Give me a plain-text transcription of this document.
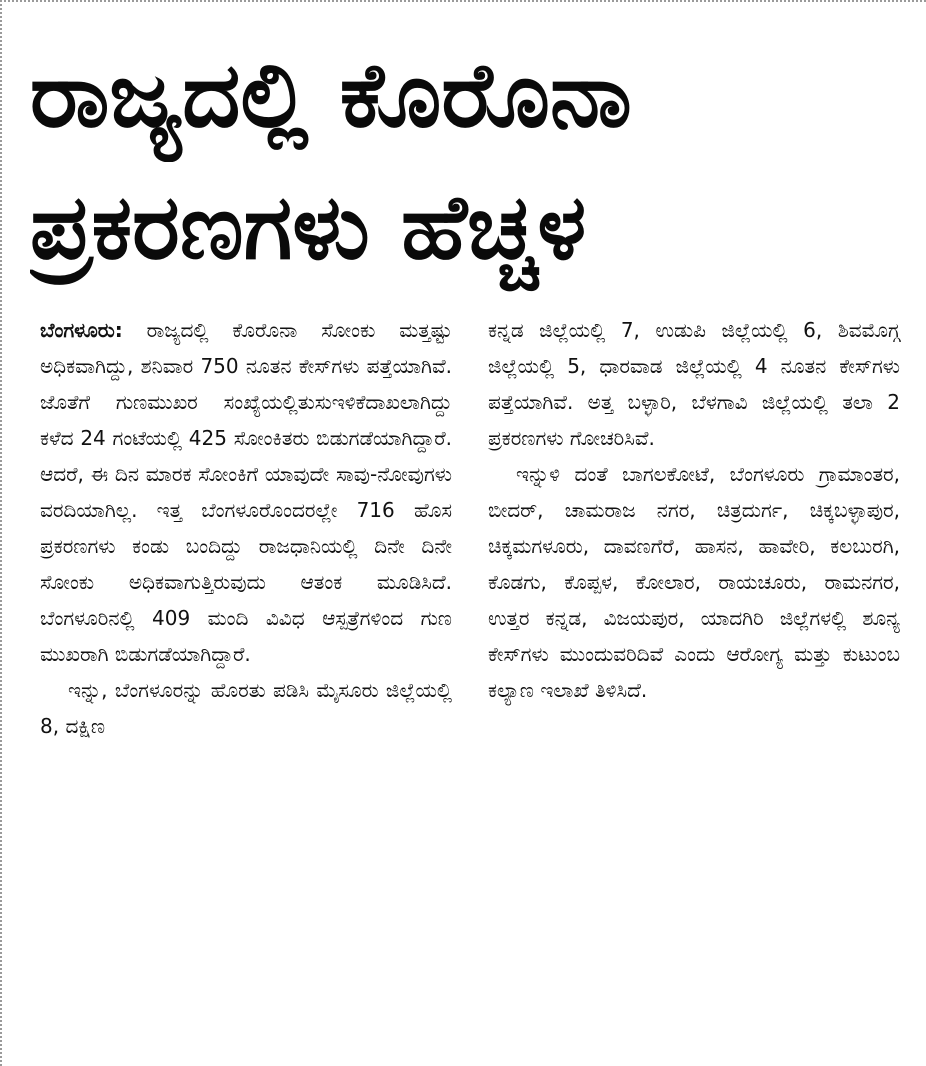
ರಾಜ್ಯದಲ್ಲಿ ಕೊರೊನಾ
ಪ್ರಕರಣಗಳು ಹೆಚ್ಚಳ

ಬೆಂಗಳೂರು: ರಾಜ್ಯದಲ್ಲಿ ಕೊರೊನಾ ಸೋಂಕು ಮತ್ತಷ್ಟು ಅಧಿಕವಾಗಿದ್ದು, ಶನಿವಾರ 750 ನೂತನ ಕೇಸ್‌ಗಳು ಪತ್ತೆಯಾಗಿವೆ. ಜೊತೆಗೆ ಗುಣಮುಖರ ಸಂಖ್ಯೆಯಲ್ಲಿತುಸುಇಳಿಕೆದಾಖಲಾಗಿದ್ದು ಕಳೆದ 24 ಗಂಟೆಯಲ್ಲಿ 425 ಸೋಂಕಿತರು ಬಿಡುಗಡೆಯಾಗಿದ್ದಾರೆ. ಆದರೆ, ಈ ದಿನ ಮಾರಕ ಸೋಂಕಿಗೆ ಯಾವುದೇ ಸಾವು-ನೋವುಗಳು ವರದಿಯಾಗಿಲ್ಲ. ಇತ್ತ ಬೆಂಗಳೂರೊಂದರಲ್ಲೇ 716 ಹೊಸ ಪ್ರಕರಣಗಳು ಕಂಡು ಬಂದಿದ್ದು ರಾಜಧಾನಿಯಲ್ಲಿ ದಿನೇ ದಿನೇ ಸೋಂಕು ಅಧಿಕವಾಗುತ್ತಿರುವುದು ಆತಂಕ ಮೂಡಿಸಿದೆ. ಬೆಂಗಳೂರಿನಲ್ಲಿ 409 ಮಂದಿ ವಿವಿಧ ಆಸ್ಪತ್ರೆಗಳಿಂದ ಗುಣ ಮುಖರಾಗಿ ಬಿಡುಗಡೆಯಾಗಿದ್ದಾರೆ.

ಇನ್ನು, ಬೆಂಗಳೂರನ್ನು ಹೊರತು ಪಡಿಸಿ ಮೈಸೂರು ಜಿಲ್ಲೆಯಲ್ಲಿ 8, ದಕ್ಷಿಣ

ಕನ್ನಡ ಜಿಲ್ಲೆಯಲ್ಲಿ 7, ಉಡುಪಿ ಜಿಲ್ಲೆಯಲ್ಲಿ 6, ಶಿವಮೊಗ್ಗ ಜಿಲ್ಲೆಯಲ್ಲಿ 5, ಧಾರವಾಡ ಜಿಲ್ಲೆಯಲ್ಲಿ 4 ನೂತನ ಕೇಸ್‌ಗಳು ಪತ್ತೆಯಾಗಿವೆ. ಅತ್ತ ಬಳ್ಳಾರಿ, ಬೆಳಗಾವಿ ಜಿಲ್ಲೆಯಲ್ಲಿ ತಲಾ 2 ಪ್ರಕರಣಗಳು ಗೋಚರಿಸಿವೆ.

ಇನ್ನುಳಿ ದಂತೆ ಬಾಗಲಕೋಟೆ, ಬೆಂಗಳೂರು ಗ್ರಾಮಾಂತರ, ಬೀದರ್, ಚಾಮರಾಜ ನಗರ, ಚಿತ್ರದುರ್ಗ, ಚಿಕ್ಕಬಳ್ಳಾಪುರ, ಚಿಕ್ಕಮಗಳೂರು, ದಾವಣಗೆರೆ, ಹಾಸನ, ಹಾವೇರಿ, ಕಲಬುರಗಿ, ಕೊಡಗು, ಕೊಪ್ಪಳ, ಕೋಲಾರ, ರಾಯಚೂರು, ರಾಮನಗರ, ಉತ್ತರ ಕನ್ನಡ, ವಿಜಯಪುರ, ಯಾದಗಿರಿ ಜಿಲ್ಲೆಗಳಲ್ಲಿ ಶೂನ್ಯ ಕೇಸ್‌ಗಳು ಮುಂದುವರಿದಿವೆ ಎಂದು ಆರೋಗ್ಯ ಮತ್ತು ಕುಟುಂಬ ಕಲ್ಯಾಣ ಇಲಾಖೆ ತಿಳಿಸಿದೆ.
